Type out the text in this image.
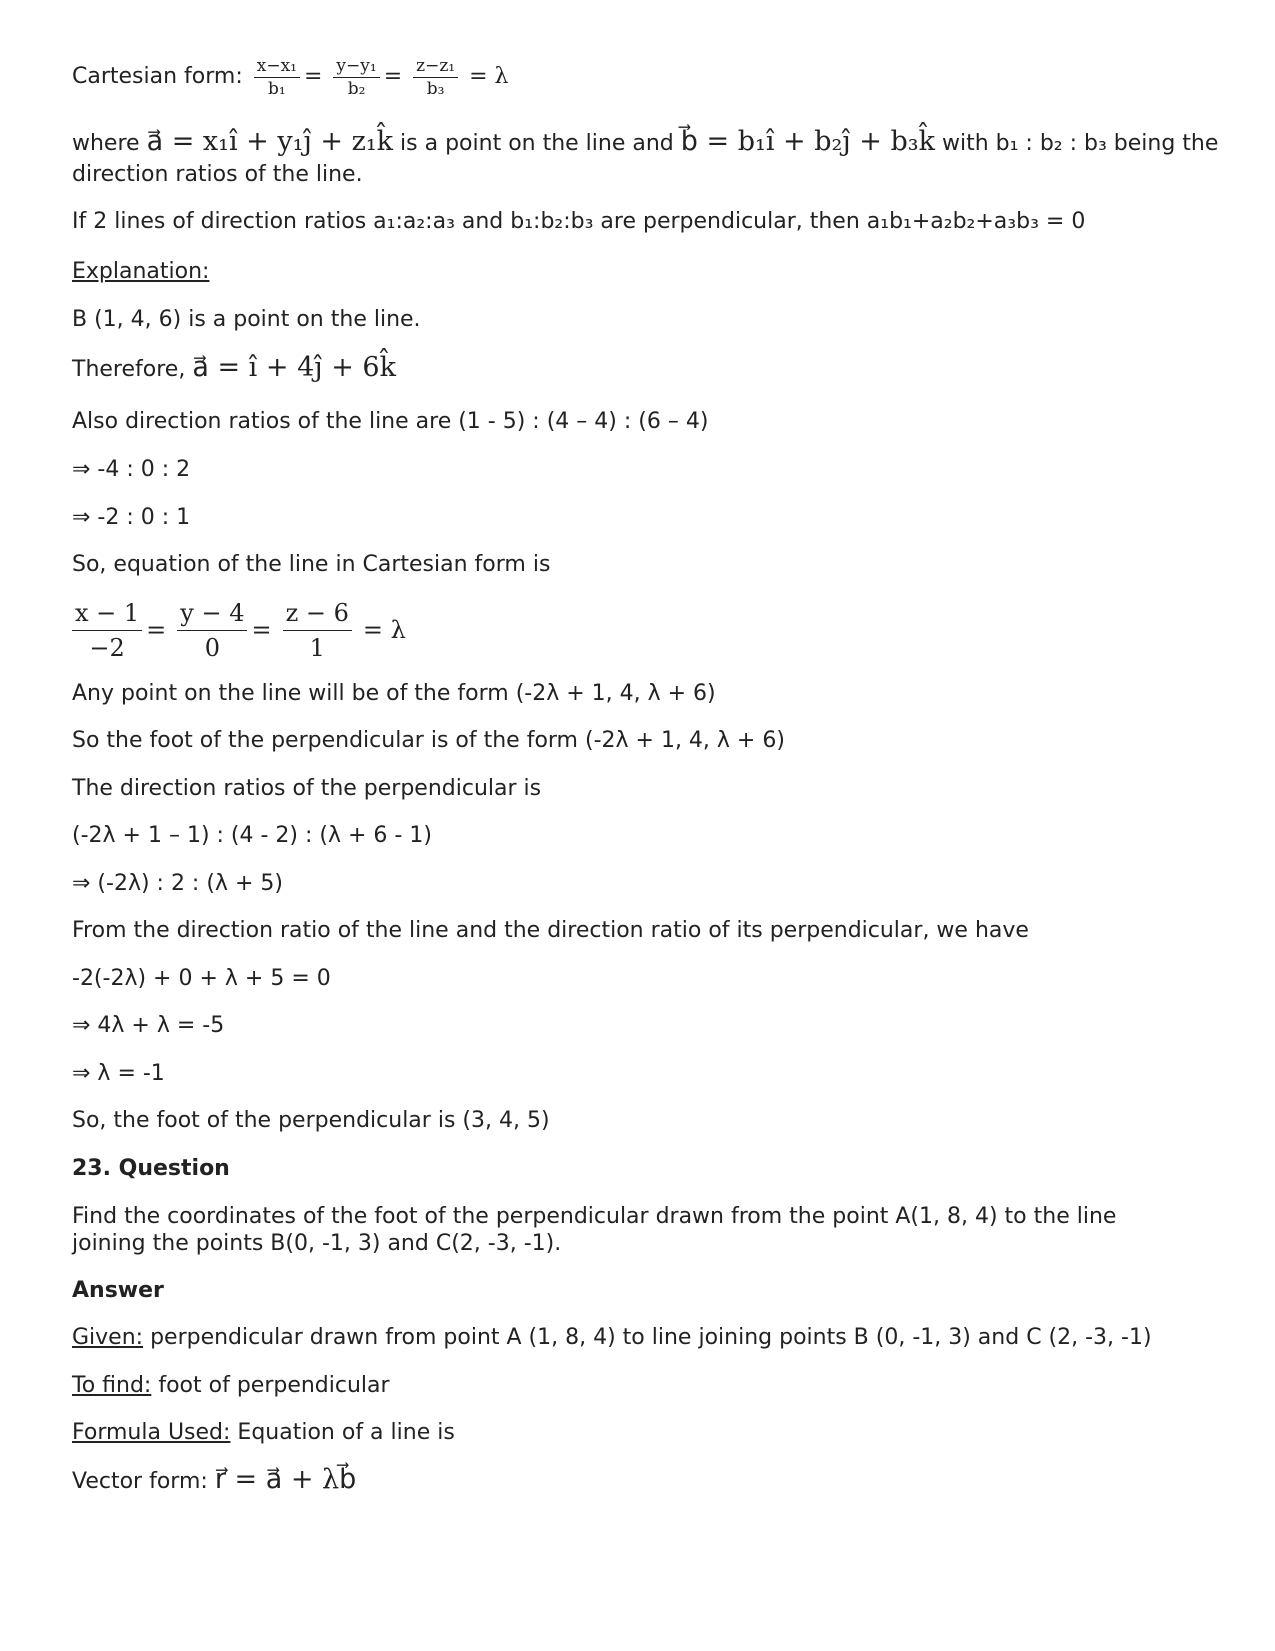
Cartesian form: $\frac{\text{x−x₁}}{\text{b₁}} = \frac{\text{y−y₁}}{\text{b₂}} = \frac{\text{z−z₁}}{\text{b₃}} = \lambda$
where a⃗ = x₁î + y₁ĵ + z₁k̂ is a point on the line and b⃗ = b₁î + b₂ĵ + b₃k̂ with b₁ : b₂ : b₃ being the
direction ratios of the line.
If 2 lines of direction ratios a₁:a₂:a₃ and b₁:b₂:b₃ are perpendicular, then a₁b₁+a₂b₂+a₃b₃ = 0
Explanation:
B (1, 4, 6) is a point on the line.
Therefore, a⃗ = î + 4ĵ + 6k̂
Also direction ratios of the line are (1 - 5) : (4 – 4) : (6 – 4)
⇒ -4 : 0 : 2
⇒ -2 : 0 : 1
So, equation of the line in Cartesian form is
$\frac{x - 1}{-2} = \frac{y - 4}{0} = \frac{z - 6}{1} = \lambda$
Any point on the line will be of the form (-2λ + 1, 4, λ + 6)
So the foot of the perpendicular is of the form (-2λ + 1, 4, λ + 6)
The direction ratios of the perpendicular is
(-2λ + 1 – 1) : (4 - 2) : (λ + 6 - 1)
⇒ (-2λ) : 2 : (λ + 5)
From the direction ratio of the line and the direction ratio of its perpendicular, we have
-2(-2λ) + 0 + λ + 5 = 0
⇒ 4λ + λ = -5
⇒ λ = -1
So, the foot of the perpendicular is (3, 4, 5)
23. Question
Find the coordinates of the foot of the perpendicular drawn from the point A(1, 8, 4) to the line
joining the points B(0, -1, 3) and C(2, -3, -1).
Answer
Given: perpendicular drawn from point A (1, 8, 4) to line joining points B (0, -1, 3) and C (2, -3, -1)
To find: foot of perpendicular
Formula Used: Equation of a line is
Vector form: r⃗ = a⃗ + λb⃗
